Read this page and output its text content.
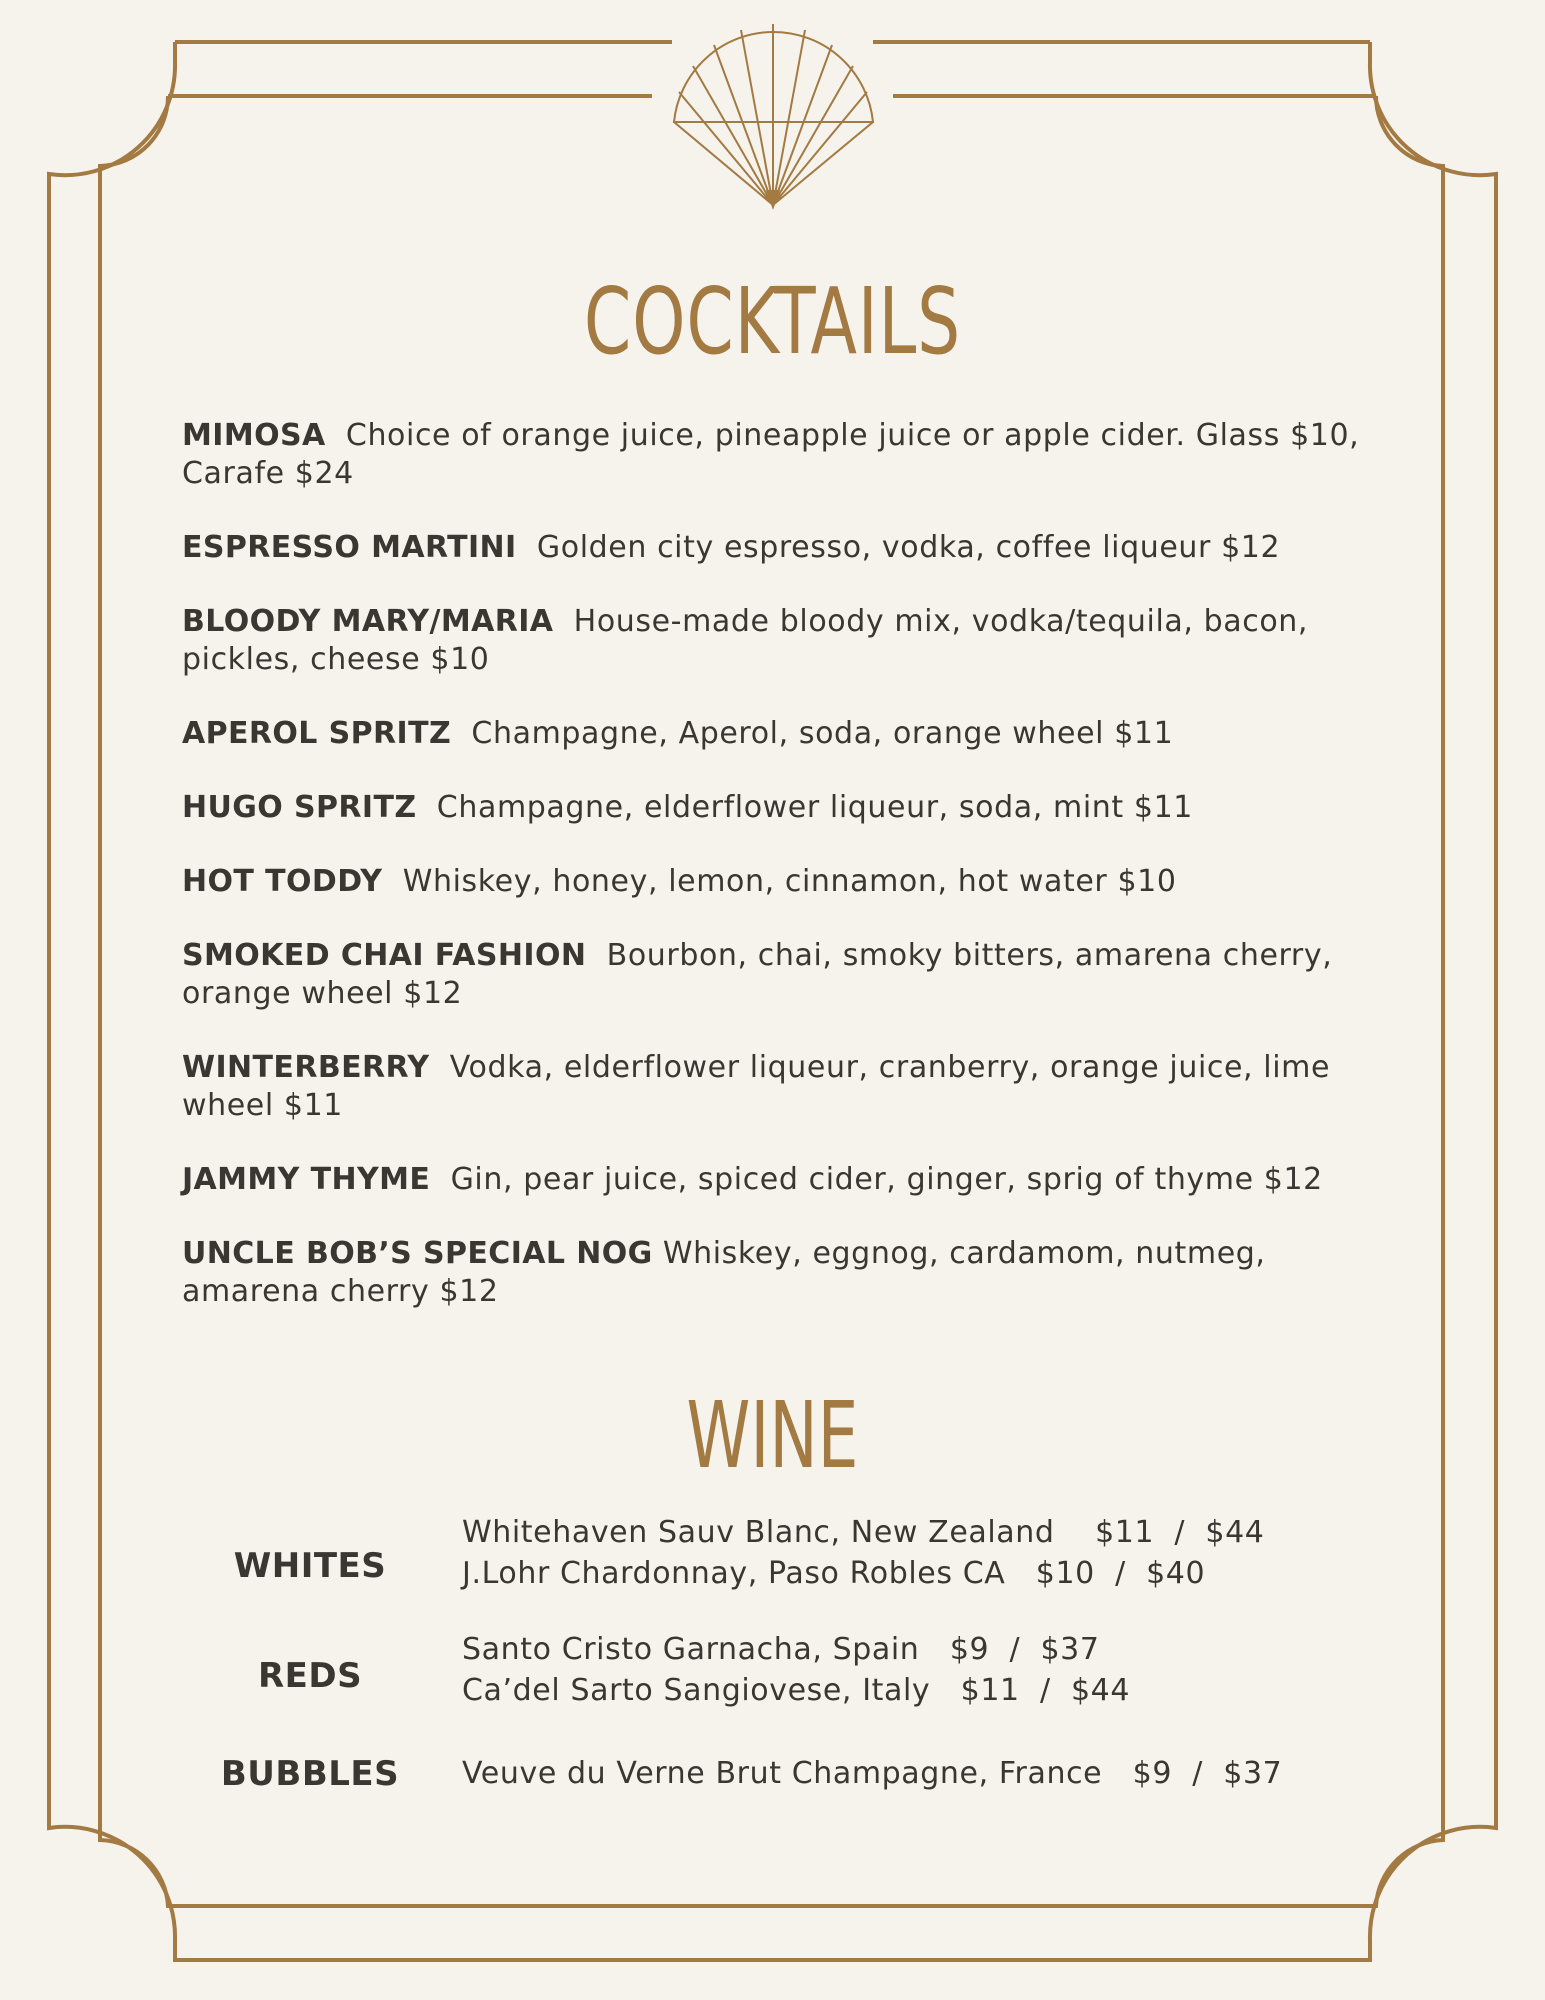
COCKTAILS
MIMOSA Choice of orange juice, pineapple juice or apple cider. Glass $10, Carafe $24
ESPRESSO MARTINI Golden city espresso, vodka, coffee liqueur $12
BLOODY MARY/MARIA House-made bloody mix, vodka/tequila, bacon, pickles, cheese $10
APEROL SPRITZ Champagne, Aperol, soda, orange wheel $11
HUGO SPRITZ Champagne, elderflower liqueur, soda, mint $11
HOT TODDY Whiskey, honey, lemon, cinnamon, hot water $10
SMOKED CHAI FASHION Bourbon, chai, smoky bitters, amarena cherry, orange wheel $12
WINTERBERRY Vodka, elderflower liqueur, cranberry, orange juice, lime wheel $11
JAMMY THYME Gin, pear juice, spiced cider, ginger, sprig of thyme $12
UNCLE BOB’S SPECIAL NOG Whiskey, eggnog, cardamom, nutmeg, amarena cherry $12
WINE
WHITES
Whitehaven Sauv Blanc, New Zealand    $11  /  $44
J.Lohr Chardonnay, Paso Robles CA   $10  /  $40
REDS
Santo Cristo Garnacha, Spain   $9  /  $37
Ca’del Sarto Sangiovese, Italy   $11  /  $44
BUBBLES	Veuve du Verne Brut Champagne, France   $9  /  $37
